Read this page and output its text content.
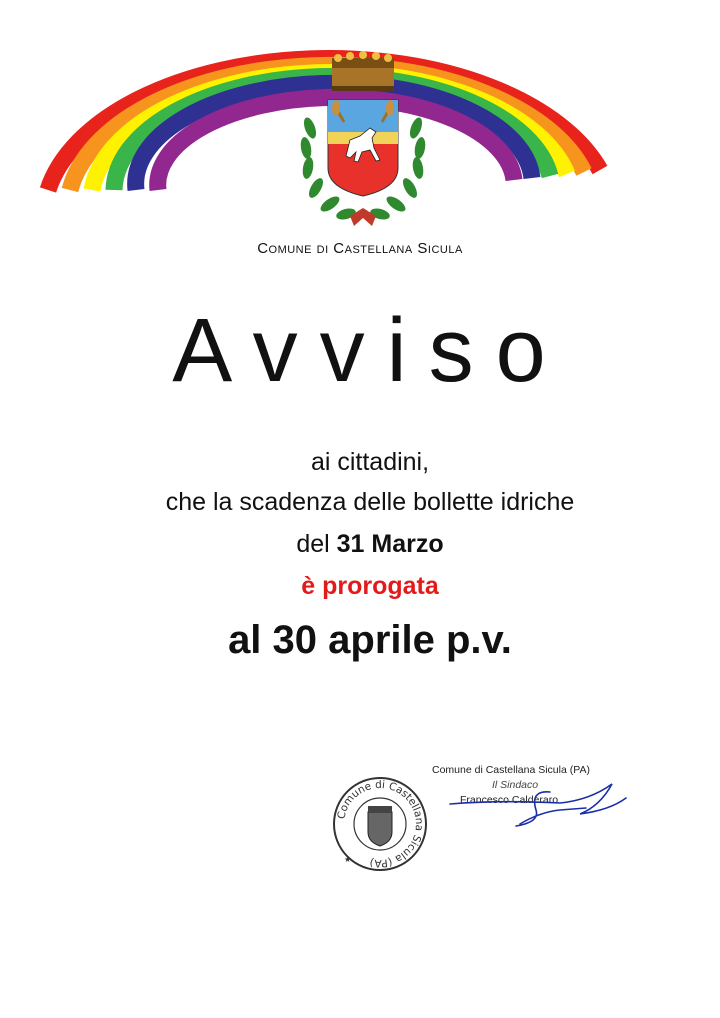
Comune di Castellana Sicula
Avviso
ai cittadini,
che la scadenza delle bollette idriche
del 31 Marzo
è prorogata
al 30 aprile p.v.
Comune di Castellana Sicula (PA)
★
Comune di Castellana Sicula (PA)
Il Sindaco
Francesco Calderaro
